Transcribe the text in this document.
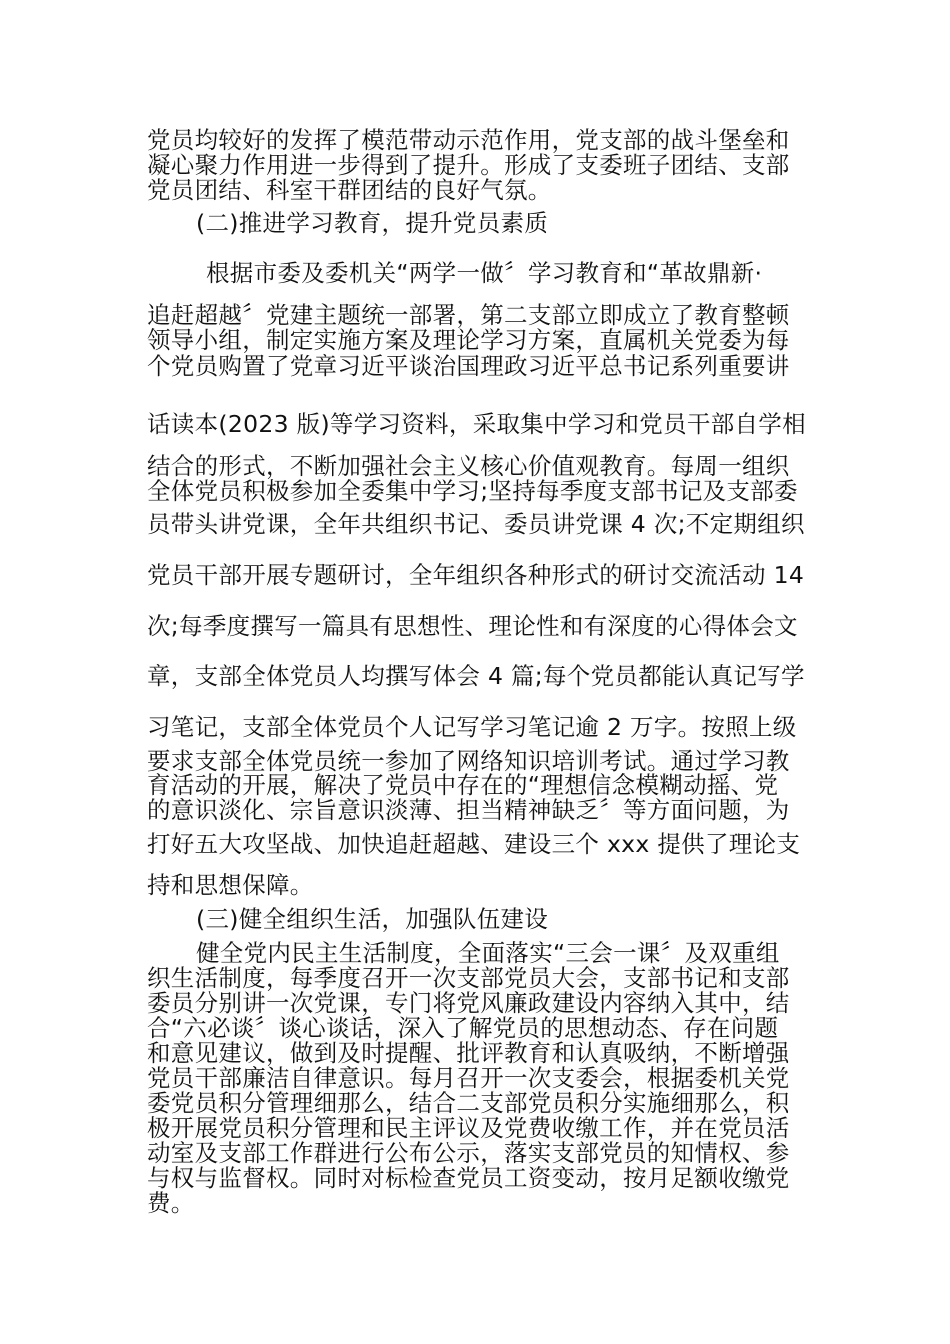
党员均较好的发挥了模范带动示范作用，党支部的战斗堡垒和
凝心聚力作用进一步得到了提升。形成了支委班子团结、支部
党员团结、科室干群团结的良好气氛。
(二)推进学习教育，提升党员素质
根据市委及委机关“两学一做〞学习教育和“革故鼎新·
追赶超越〞党建主题统一部署，第二支部立即成立了教育整顿
领导小组，制定实施方案及理论学习方案，直属机关党委为每
个党员购置了党章习近平谈治国理政习近平总书记系列重要讲
话读本(2023 版)等学习资料，采取集中学习和党员干部自学相
结合的形式，不断加强社会主义核心价值观教育。每周一组织
全体党员积极参加全委集中学习;坚持每季度支部书记及支部委
员带头讲党课，全年共组织书记、委员讲党课 4 次;不定期组织
党员干部开展专题研讨，全年组织各种形式的研讨交流活动 14
次;每季度撰写一篇具有思想性、理论性和有深度的心得体会文
章，支部全体党员人均撰写体会 4 篇;每个党员都能认真记写学
习笔记，支部全体党员个人记写学习笔记逾 2 万字。按照上级
要求支部全体党员统一参加了网络知识培训考试。通过学习教
育活动的开展，解决了党员中存在的“理想信念模糊动摇、党
的意识淡化、宗旨意识淡薄、担当精神缺乏〞等方面问题，为
打好五大攻坚战、加快追赶超越、建设三个 xxx 提供了理论支
持和思想保障。
(三)健全组织生活，加强队伍建设
健全党内民主生活制度，全面落实“三会一课〞及双重组
织生活制度，每季度召开一次支部党员大会，支部书记和支部
委员分别讲一次党课，专门将党风廉政建设内容纳入其中，结
合“六必谈〞谈心谈话，深入了解党员的思想动态、存在问题
和意见建议，做到及时提醒、批评教育和认真吸纳，不断增强
党员干部廉洁自律意识。每月召开一次支委会，根据委机关党
委党员积分管理细那么，结合二支部党员积分实施细那么，积
极开展党员积分管理和民主评议及党费收缴工作，并在党员活
动室及支部工作群进行公布公示，落实支部党员的知情权、参
与权与监督权。同时对标检查党员工资变动，按月足额收缴党
费。
